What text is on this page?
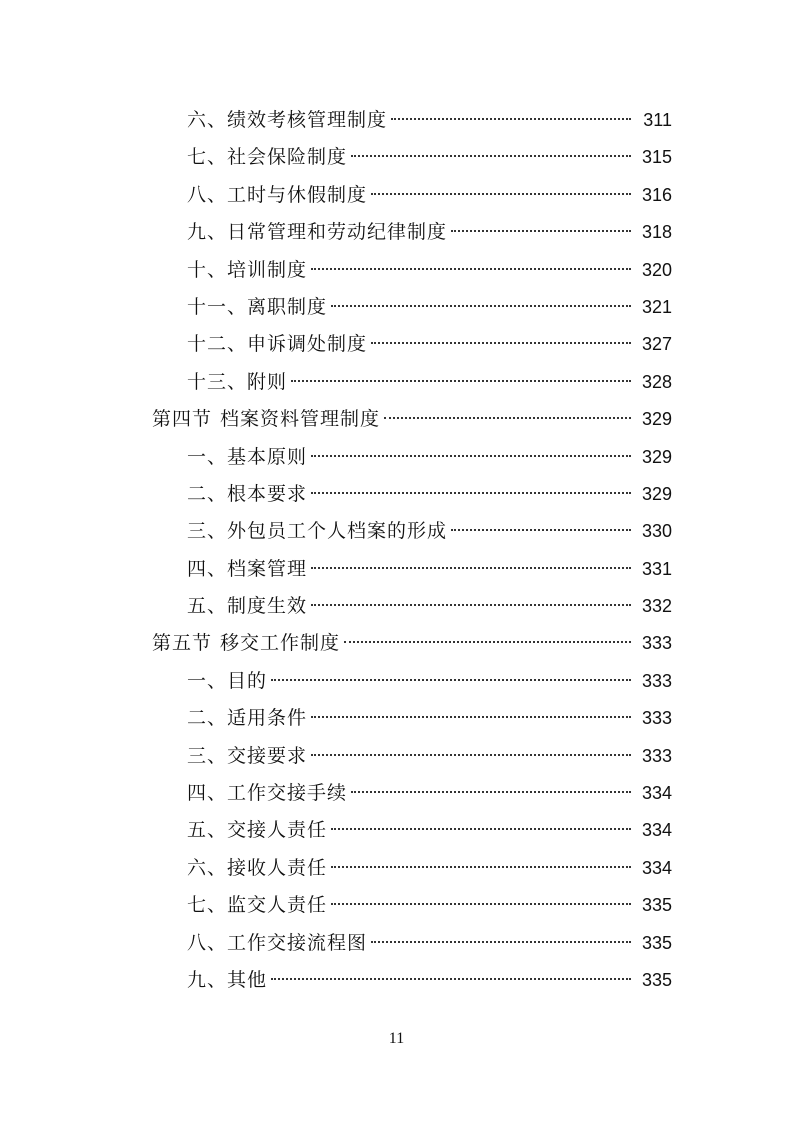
六、绩效考核管理制度	311
七、社会保险制度	315
八、工时与休假制度	316
九、日常管理和劳动纪律制度	318
十、培训制度	320
十一、离职制度	321
十二、申诉调处制度	327
十三、附则	328
第四节 档案资料管理制度	329
一、基本原则	329
二、根本要求	329
三、外包员工个人档案的形成	330
四、档案管理	331
五、制度生效	332
第五节 移交工作制度	333
一、目的	333
二、适用条件	333
三、交接要求	333
四、工作交接手续	334
五、交接人责任	334
六、接收人责任	334
七、监交人责任	335
八、工作交接流程图	335
九、其他	335
11
